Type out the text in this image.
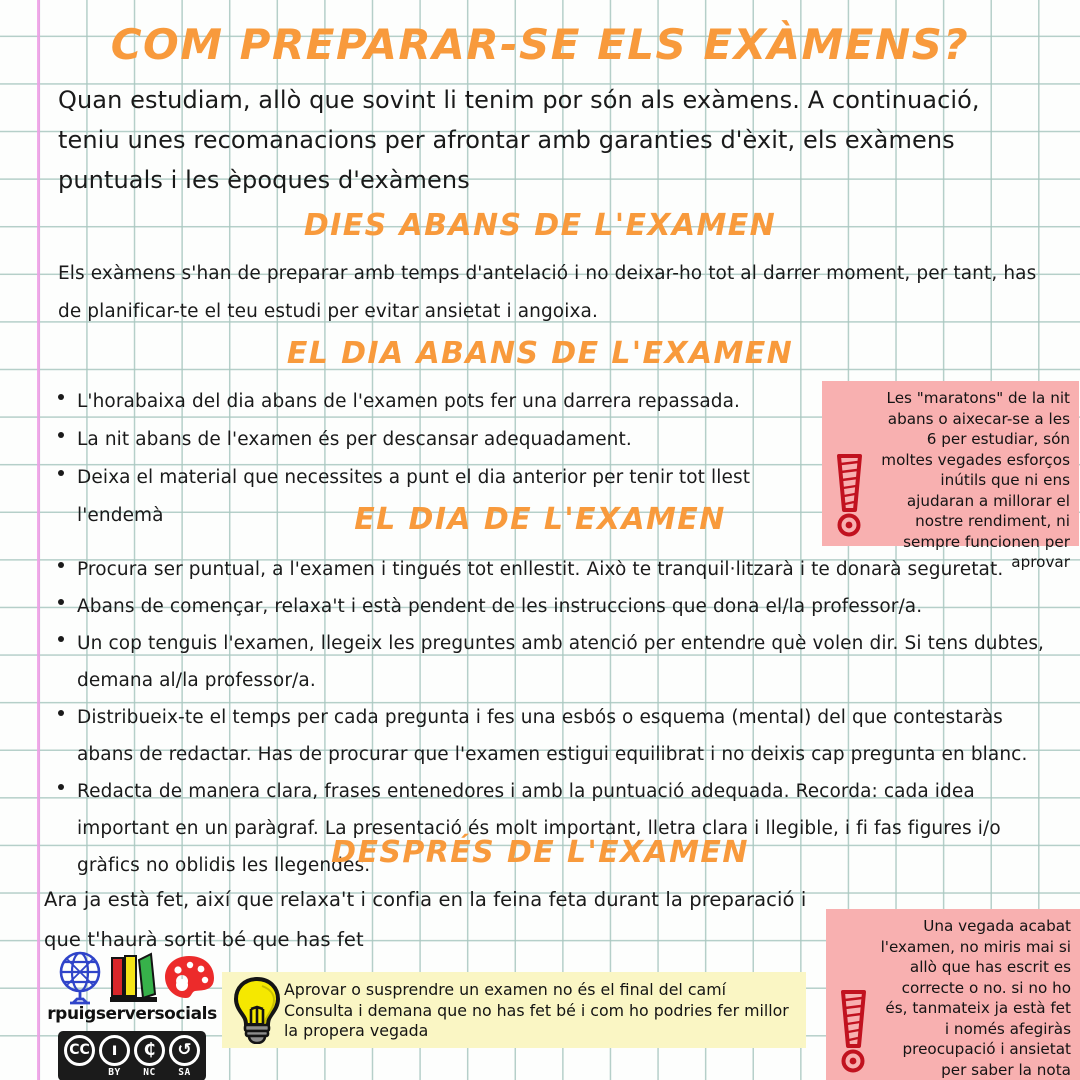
COM PREPARAR-SE ELS EXÀMENS?
Quan estudiam, allò que sovint li tenim por són als exàmens. A continuació, teniu unes recomanacions per afrontar amb garanties d'èxit, els exàmens puntuals i les èpoques d'exàmens
DIES ABANS DE L'EXAMEN
Els exàmens s'han de preparar amb temps d'antelació i no deixar-ho tot al darrer moment, per tant, has de planificar-te el teu estudi per evitar ansietat i angoixa.
EL DIA ABANS DE L'EXAMEN
L'horabaixa del dia abans de l'examen pots fer una darrera repassada.
La nit abans de l'examen és per descansar adequadament.
Deixa el material que necessites a punt el dia anterior per tenir tot llest l'endemà	EL DIA DE L'EXAMEN
Procura ser puntual, a l'examen i tingués tot enllestit. Això te tranquil·litzarà i te donarà seguretat.
Abans de començar, relaxa't i està pendent de les instruccions que dona el/la professor/a.
Un cop tenguis l'examen, llegeix les preguntes amb atenció per entendre què volen dir. Si tens dubtes, demana al/la professor/a.
Distribueix-te el temps per cada pregunta i fes una esbós o esquema (mental) del que contestaràs abans de redactar. Has de procurar que l'examen estigui equilibrat i no deixis cap pregunta en blanc.
Redacta de manera clara, frases entenedores i amb la puntuació adequada. Recorda: cada idea important en un paràgraf. La presentació és molt important, lletra clara i llegible, i fi fas figures i/o gràfics no oblidis les llegendes.
DESPRÉS DE L'EXAMEN
Ara ja està fet, així que relaxa't i confia en la feina feta durant la preparació i que t'haurà sortit bé que has fet
Les "maratons" de la nit abans o aixecar-se a les 6 per estudiar, són moltes vegades esforços inútils que ni ens ajudaran a millorar el nostre rendiment, ni sempre funcionen per aprovar
Una vegada acabat l'examen, no miris mai si allò que has escrit es correcte o no. si no ho és, tanmateix ja està fet i només afegiràs preocupació i ansietat per saber la nota
Aprovar o susprendre un examen no és el final del camí Consulta i demana que no has fet bé i com ho podries fer millor la propera vegada
rpuigserversocials
CC	ı
BY
₵
NC
↺
SA
